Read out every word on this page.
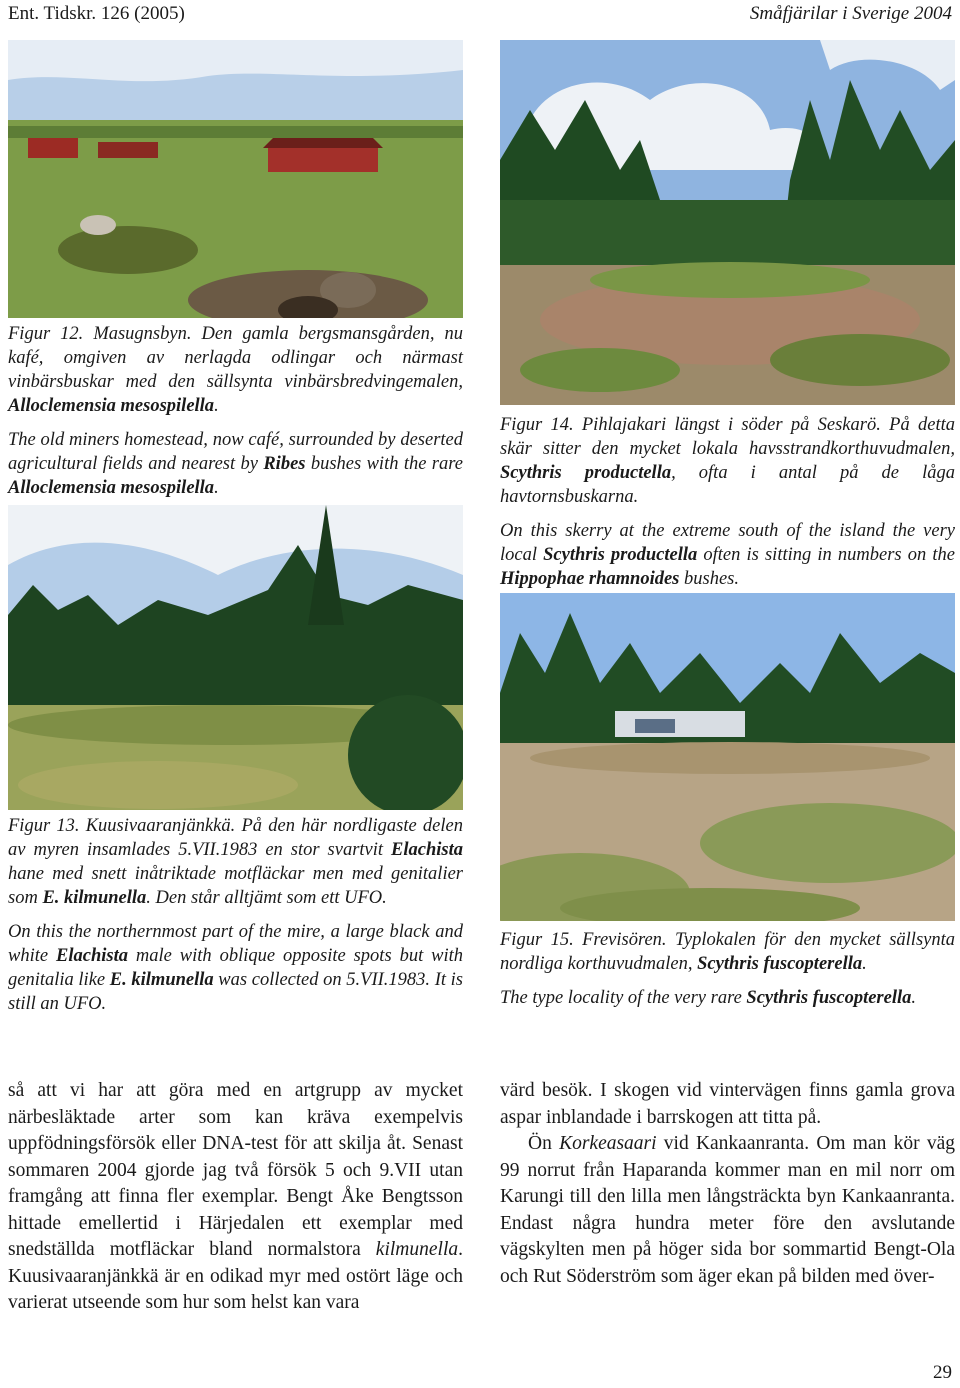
Ent. Tidskr. 126 (2005)	Småfjärilar i Sverige 2004

Figur 12. Masugnsbyn. Den gamla bergsmansgården, nu kafé, omgiven av nerlagda odlingar och närmast vinbärsbuskar med den sällsynta vinbärsbredvingemalen, Alloclemensia mesospilella.

The old miners homestead, now café, surrounded by deserted agricultural fields and nearest by Ribes bushes with the rare Alloclemensia mesospilella.

Figur 14. Pihlajakari längst i söder på Seskarö. På detta skär sitter den mycket lokala havsstrandkorthuvudmalen, Scythris productella, ofta i antal på de låga havtornsbuskarna.

On this skerry at the extreme south of the island the very local Scythris productella often is sitting in numbers on the Hippophae rhamnoides bushes.

Figur 13. Kuusivaaranjänkkä. På den här nordligaste delen av myren insamlades 5.VII.1983 en stor svartvit Elachista hane med snett inåtriktade motfläckar men med genitalier som E. kilmunella. Den står alltjämt som ett UFO.

On this the northernmost part of the mire, a large black and white Elachista male with oblique opposite spots but with genitalia like E. kilmunella was collected on 5.VII.1983. It is still an UFO.

Figur 15. Frevisören. Typlokalen för den mycket sällsynta nordliga korthuvudmalen, Scythris fuscopterella.

The type locality of the very rare Scythris fuscopterella.

så att vi har att göra med en artgrupp av mycket närbesläktade arter som kan kräva exempelvis uppfödningsförsök eller DNA-test för att skilja åt. Senast sommaren 2004 gjorde jag två försök 5 och 9.VII utan framgång att finna fler exemplar. Bengt Åke Bengtsson hittade emellertid i Härjedalen ett exemplar med snedställda motfläckar bland normalstora kilmunella. Kuusivaaranjänkkä är en odikad myr med ostört läge och varierat utseende som hur som helst kan vara

värd besök. I skogen vid vintervägen finns gamla grova aspar inblandade i barrskogen att titta på.

Ön Korkeasaari vid Kankaanranta. Om man kör väg 99 norrut från Haparanda kommer man en mil norr om Karungi till den lilla men långsträckta byn Kankaanranta. Endast några hundra meter före den avslutande vägskylten men på höger sida bor sommartid Bengt-Ola och Rut Söderström som äger ekan på bilden med över-

29
